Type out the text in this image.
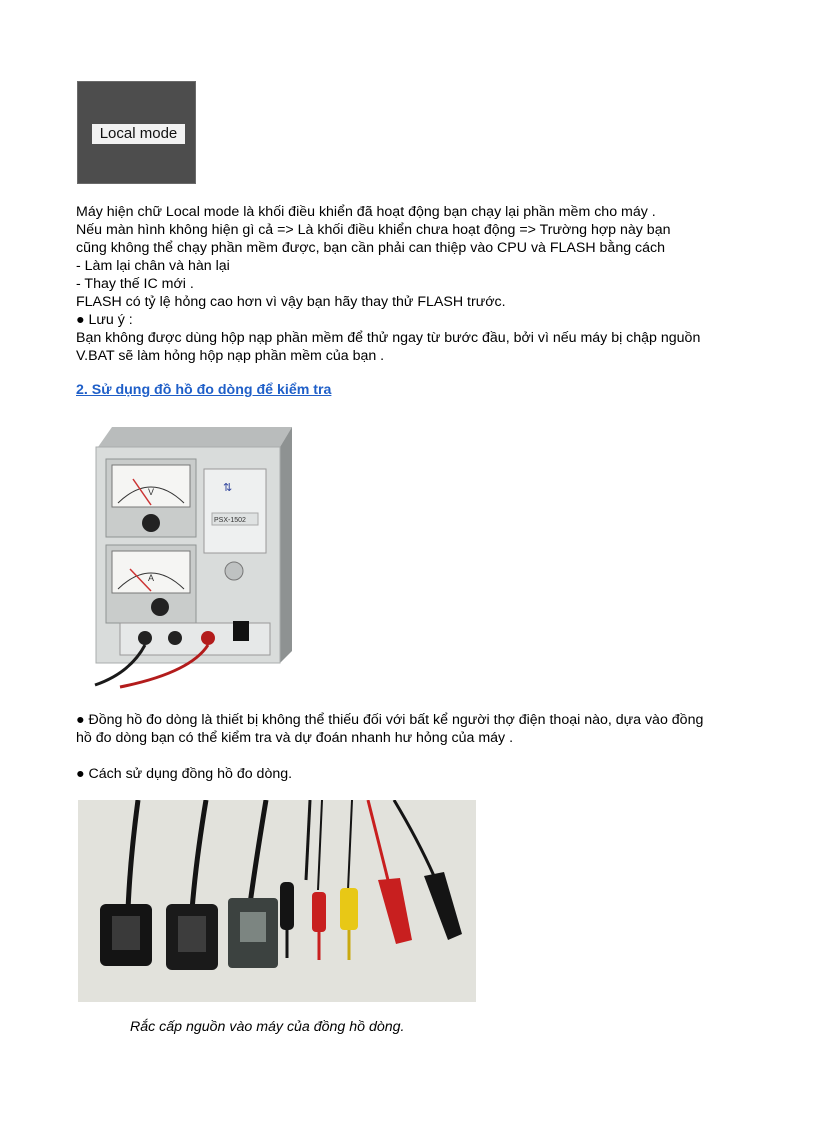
Local mode
Máy hiện chữ Local mode là khối điều khiển đã hoạt động bạn chạy lại phần mềm cho máy .
Nếu màn hình không hiện gì cả => Là khối điều khiển chưa hoạt động => Trường hợp này bạn
cũng không thể chạy phần mềm được, bạn cần phải can thiệp vào CPU và FLASH bằng cách
- Làm lại chân và hàn lại
- Thay thế IC mới .
FLASH có tỷ lệ hỏng cao hơn vì vậy bạn hãy thay thử FLASH trước.
● Lưu ý :
Bạn không được dùng hộp nạp phần mềm để thử ngay từ bước đầu, bởi vì nếu máy bị chập nguồn
V.BAT sẽ làm hỏng hộp nạp phần mềm của bạn .
2. Sử dụng đồ hồ đo dòng để kiểm tra
V
A
⇅
PSX-1502
● Đồng hồ đo dòng là thiết bị không thể thiếu đối với bất kể người thợ điện thoại nào, dựa vào đồng
hồ đo dòng bạn có thể kiểm tra và dự đoán nhanh hư hỏng của máy .
● Cách sử dụng đồng hồ đo dòng.
Rắc cấp nguồn vào máy của đồng hồ dòng.
